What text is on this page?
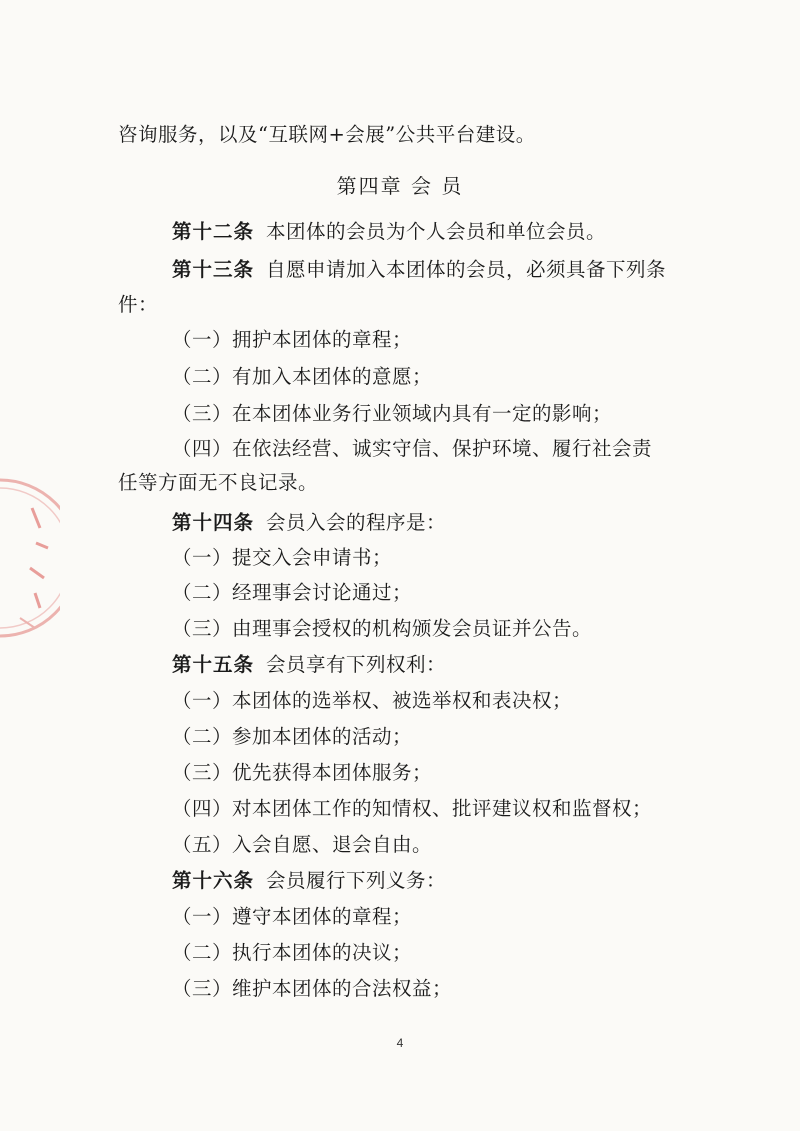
咨询服务，以及“互联网+会展”公共平台建设。
第四章 会 员
第十二条 本团体的会员为个人会员和单位会员。
第十三条 自愿申请加入本团体的会员，必须具备下列条
件：
（一）拥护本团体的章程；
（二）有加入本团体的意愿；
（三）在本团体业务行业领域内具有一定的影响；
（四）在依法经营、诚实守信、保护环境、履行社会责
任等方面无不良记录。
第十四条 会员入会的程序是：
（一）提交入会申请书；
（二）经理事会讨论通过；
（三）由理事会授权的机构颁发会员证并公告。
第十五条 会员享有下列权利：
（一）本团体的选举权、被选举权和表决权；
（二）参加本团体的活动；
（三）优先获得本团体服务；
（四）对本团体工作的知情权、批评建议权和监督权；
（五）入会自愿、退会自由。
第十六条 会员履行下列义务：
（一）遵守本团体的章程；
（二）执行本团体的决议；
（三）维护本团体的合法权益；
4
